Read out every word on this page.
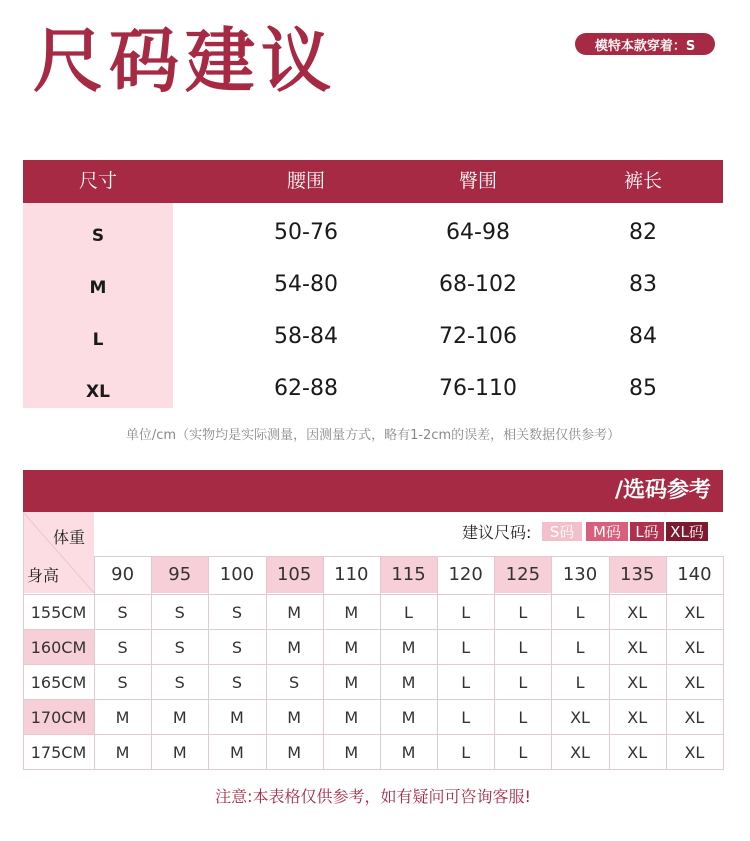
尺码建议	模特本款穿着：S
尺寸	腰围	臀围	裤长
S	50-76	64-98	82
M	54-80	68-102	83
L	58-84	72-106	84
XL	62-88	76-110	85
单位/cm（实物均是实际测量，因测量方式，略有1-2cm的误差，相关数据仅供参考）
/选码参考
体重
身高
建议尺码:	S码	M码 L码 XL码
90	95	100	105	110	115	120	125	130	135	140
155CM	S	S	S	M	M	L	L	L	L	XL	XL
160CM	S	S	S	M	M	M	L	L	L	XL	XL
165CM	S	S	S	S	M	M	L	L	L	XL	XL
170CM	M	M	M	M	M	M	L	L	XL	XL	XL
175CM	M	M	M	M	M	M	L	L	XL	XL	XL
注意:本表格仅供参考，如有疑问可咨询客服!
